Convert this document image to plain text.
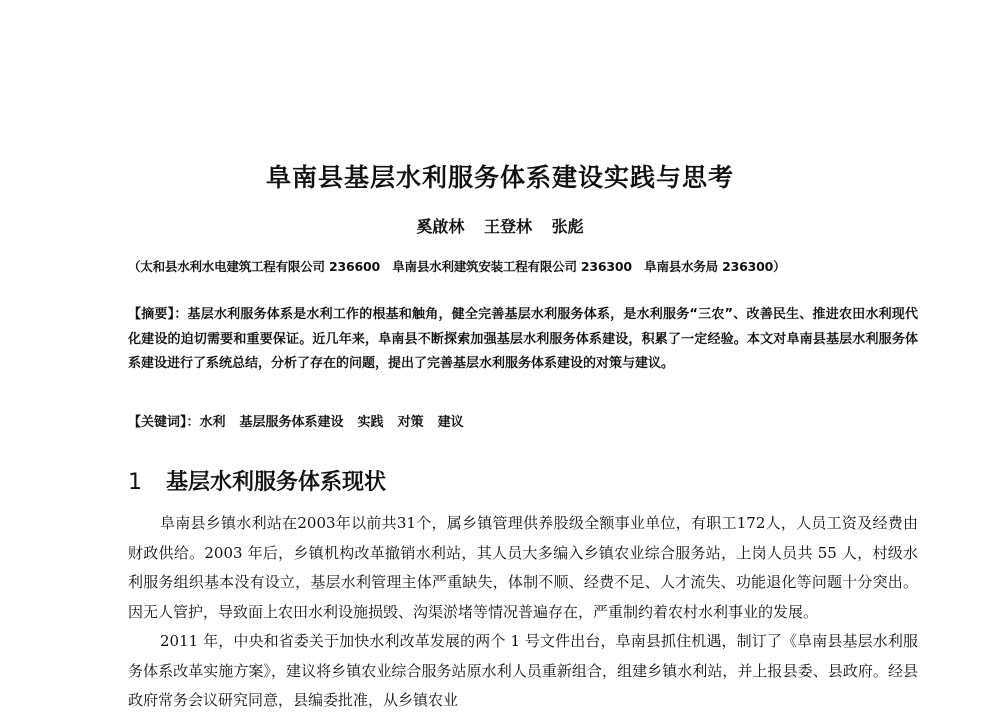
阜南县基层水利服务体系建设实践与思考
奚啟林 王登林 张彪
（太和县水利水电建筑工程有限公司 236600　阜南县水利建筑安装工程有限公司 236300　阜南县水务局 236300）
【摘要】：基层水利服务体系是水利工作的根基和触角，健全完善基层水利服务体系，是水利服务“三农”、改善民生、推进农田水利现代化建设的迫切需要和重要保证。近几年来，阜南县不断探索加强基层水利服务体系建设，积累了一定经验。本文对阜南县基层水利服务体系建设进行了系统总结，分析了存在的问题，提出了完善基层水利服务体系建设的对策与建议。
【关键词】：水利 基层服务体系建设 实践 对策 建议
1 基层水利服务体系现状

阜南县乡镇水利站在2003年以前共31个，属乡镇管理供养股级全额事业单位，有职工172人，人员工资及经费由财政供给。2003 年后，乡镇机构改革撤销水利站，其人员大多编入乡镇农业综合服务站，上岗人员共 55 人，村级水利服务组织基本没有设立，基层水利管理主体严重缺失，体制不顺、经费不足、人才流失、功能退化等问题十分突出。因无人管护，导致面上农田水利设施损毁、沟渠淤堵等情况普遍存在，严重制约着农村水利事业的发展。

2011 年，中央和省委关于加快水利改革发展的两个 1 号文件出台，阜南县抓住机遇，制订了《阜南县基层水利服务体系改革实施方案》，建议将乡镇农业综合服务站原水利人员重新组合，组建乡镇水利站，并上报县委、县政府。经县政府常务会议研究同意，县编委批准，从乡镇农业
